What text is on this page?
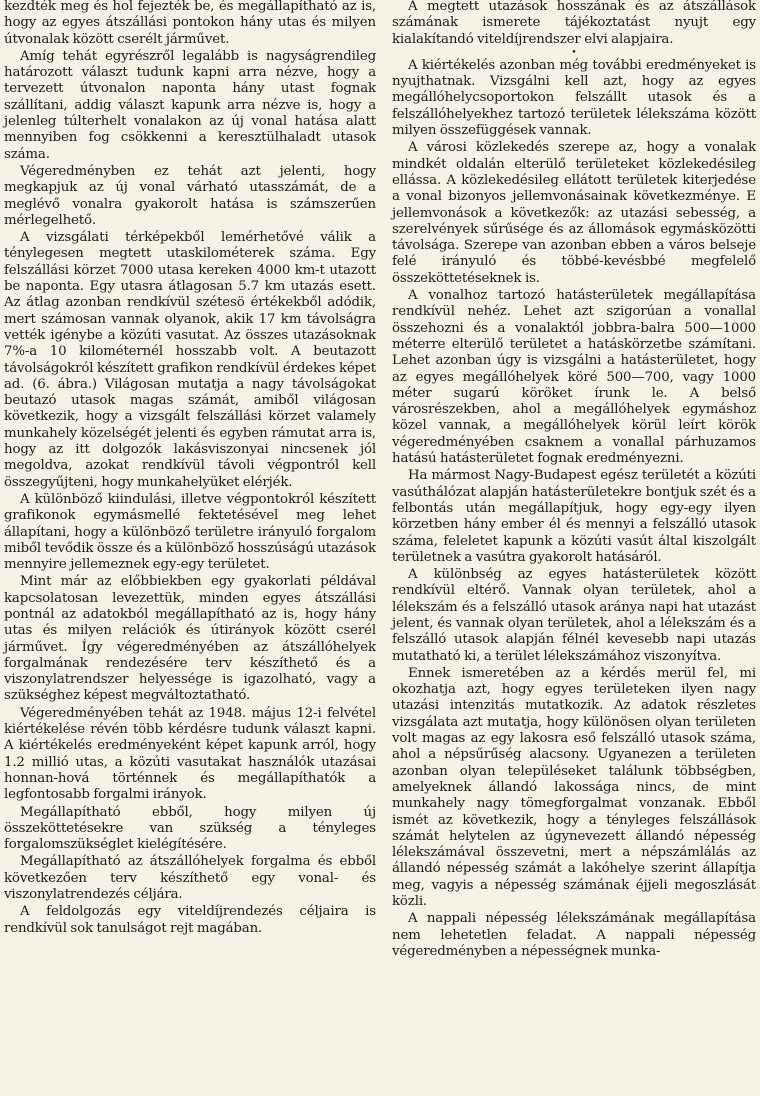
kezdték meg és hol fejezték be, és megállapítható az is, hogy az egyes átszállási pontokon hány utas és milyen útvonalak között cserélt járművet.

Amíg tehát egyrészről legalább is nagyságrendileg határozott választ tudunk kapni arra nézve, hogy a tervezett útvonalon naponta hány utast fognak szállítani, addig választ kapunk arra nézve is, hogy a jelenleg túlterhelt vonalakon az új vonal hatása alatt mennyiben fog csökkenni a keresztülhaladt utasok száma.

Végeredményben ez tehát azt jelenti, hogy megkapjuk az új vonal várható utasszámát, de a meglévő vonalra gyakorolt hatása is számszerűen mérlegelhető.

A vizsgálati térképekből lemérhetővé válik a ténylegesen megtett utaskilométerek száma. Egy felszállási körzet 7000 utasa kereken 4000 km-t utazott be naponta. Egy utasra átlagosan 5.7 km utazás esett. Az átlag azonban rendkívül szétesö értékekből adódik, mert számosan vannak olyanok, akik 17 km távolságra vették igénybe a közúti vasutat. Az összes utazásoknak 7%-a 10 kilométernél hosszabb volt. A beutazott távolságokról készített grafikon rendkívül érdekes képet ad. (6. ábra.) Világosan mutatja a nagy távolságokat beutazó utasok magas számát, amiből világosan következik, hogy a vizsgált felszállási körzet valamely munkahely közelségét jelenti és egyben rámutat arra is, hogy az itt dolgozók lakásviszonyai nincsenek jól megoldva, azokat rendkívül távoli végpontról kell összegyűjteni, hogy munkahelyüket elérjék.

A különböző kiindulási, illetve végpontokról készített grafikonok egymásmellé fektetésével meg lehet állapítani, hogy a különböző területre irányuló forgalom miből tevődik össze és a különböző hosszúságú utazások mennyire jellemeznek egy-egy területet.

Mint már az előbbiekben egy gyakorlati példával kapcsolatosan levezettük, minden egyes átszállási pontnál az adatokból megállapítható az is, hogy hány utas és milyen relációk és útirányok között cserél járművet. Így végeredményében az átszállóhelyek forgalmának rendezésére terv készíthető és a viszonylatrendszer helyessége is igazolható, vagy a szükséghez képest megváltoztatható.

Végeredményében tehát az 1948. május 12-i felvétel kiértékelése révén több kérdésre tudunk választ kapni. A kiértékelés eredményeként képet kapunk arról, hogy 1.2 millió utas, a közúti vasutakat használók utazásai honnan-hová történnek és megállapíthatók a legfontosabb forgalmi irányok.

Megállapítható ebből, hogy milyen új összeköttetésekre van szükség a tényleges forgalomszükséglet kielégítésére.

Megállapítható az átszállóhelyek forgalma és ebből következően terv készíthető egy vonal- és viszonylatrendezés céljára.

A feldolgozás egy viteldíjrendezés céljaira is rendkívül sok tanulságot rejt magában.

A megtett utazások hosszának és az átszállások számának ismerete tájékoztatást nyujt egy kialakítandó viteldíjrendszer elvi alapjaira.

•

A kiértékelés azonban még további eredményeket is nyujthatnak. Vizsgálni kell azt, hogy az egyes megállóhelycsoportokon felszállt utasok és a felszállóhelyekhez tartozó területek lélekszáma között milyen összefüggések vannak.

A városi közlekedés szerepe az, hogy a vonalak mindkét oldalán elterülő területeket közlekedésileg ellássa. A közlekedésileg ellátott területek kiterjedése a vonal bizonyos jellemvonásainak következménye. E jellemvonások a következők: az utazási sebesség, a szerelvények sűrűsége és az állomások egymásközötti távolsága. Szerepe van azonban ebben a város belseje felé irányuló és többé-kevésbbé megfelelő összeköttetéseknek is.

A vonalhoz tartozó hatásterületek megállapítása rendkívül nehéz. Lehet azt szigorúan a vonallal összehozni és a vonalaktól jobbra-balra 500—1000 méterre elterülő területet a hatáskörzetbe számítani. Lehet azonban úgy is vizsgálni a hatásterületet, hogy az egyes megállóhelyek köré 500—700, vagy 1000 méter sugarú köröket írunk le. A belső városrészekben, ahol a megállóhelyek egymáshoz közel vannak, a megállóhelyek körül leírt körök végeredményében csaknem a vonallal párhuzamos hatású hatásterületet fognak eredményezni.

Ha mármost Nagy-Budapest egész területét a közúti vasúthálózat alapján hatásterületekre bontjuk szét és a felbontás után megállapítjuk, hogy egy-egy ilyen körzetben hány ember él és mennyi a felszálló utasok száma, feleletet kapunk a közúti vasút által kiszolgált területnek a vasútra gyakorolt hatásáról.

A különbség az egyes hatásterületek között rendkívül eltérő. Vannak olyan területek, ahol a lélekszám és a felszálló utasok aránya napi hat utazást jelent, és vannak olyan területek, ahol a lélekszám és a felszálló utasok alapján félnél kevesebb napi utazás mutatható ki, a terület lélekszámához viszonyítva.

Ennek ismeretében az a kérdés merül fel, mi okozhatja azt, hogy egyes területeken ilyen nagy utazási intenzitás mutatkozik. Az adatok részletes vizsgálata azt mutatja, hogy különösen olyan területen volt magas az egy lakosra eső felszálló utasok száma, ahol a népsűrűség alacsony. Ugyanezen a területen azonban olyan településeket találunk többségben, amelyeknek állandó lakossága nincs, de mint munkahely nagy tömegforgalmat vonzanak. Ebből ismét az következik, hogy a tényleges felszállások számát helytelen az úgynevezett állandó népesség lélekszámával összevetni, mert a népszámlálás az állandó népesség számát a lakóhelye szerint állapítja meg, vagyis a népesség számának éjjeli megoszlását közli.

A nappali népesség lélekszámának megállapítása nem lehetetlen feladat. A nappali népesség végeredményben a népességnek munka-
